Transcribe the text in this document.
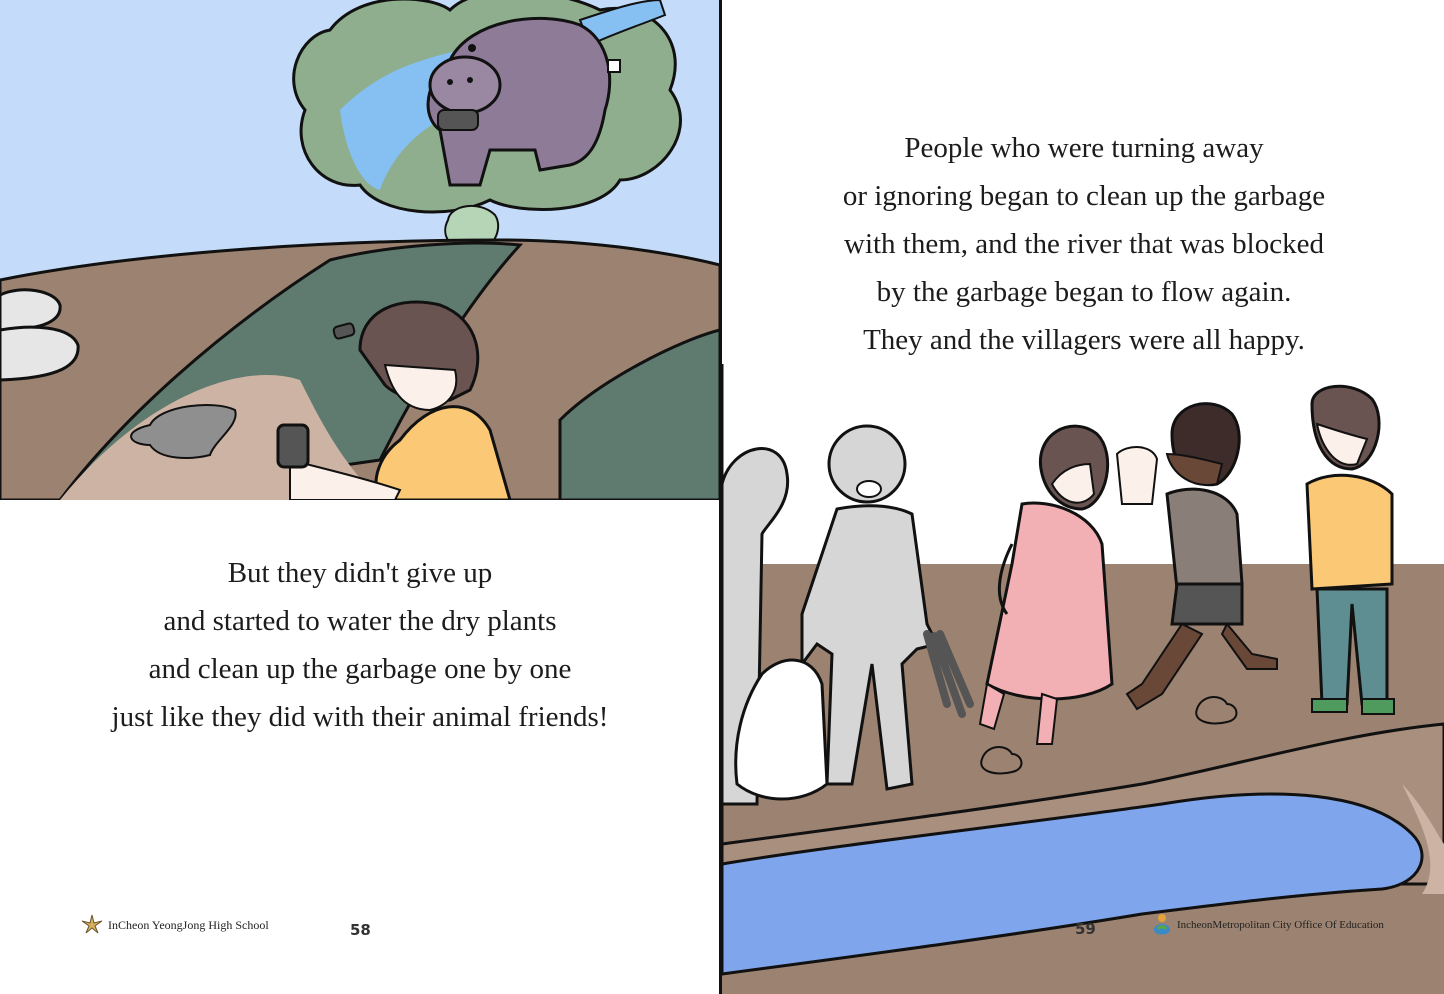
But they didn't give up
and started to water the dry plants
and clean up the garbage one by one
just like they did with their animal friends!
InCheon YeongJong High School	58
People who were turning away
or ignoring began to clean up the garbage
with them, and the river that was blocked
by the garbage began to flow again.
They and the villagers were all happy.
59	IncheonMetropolitan City Office Of Education
